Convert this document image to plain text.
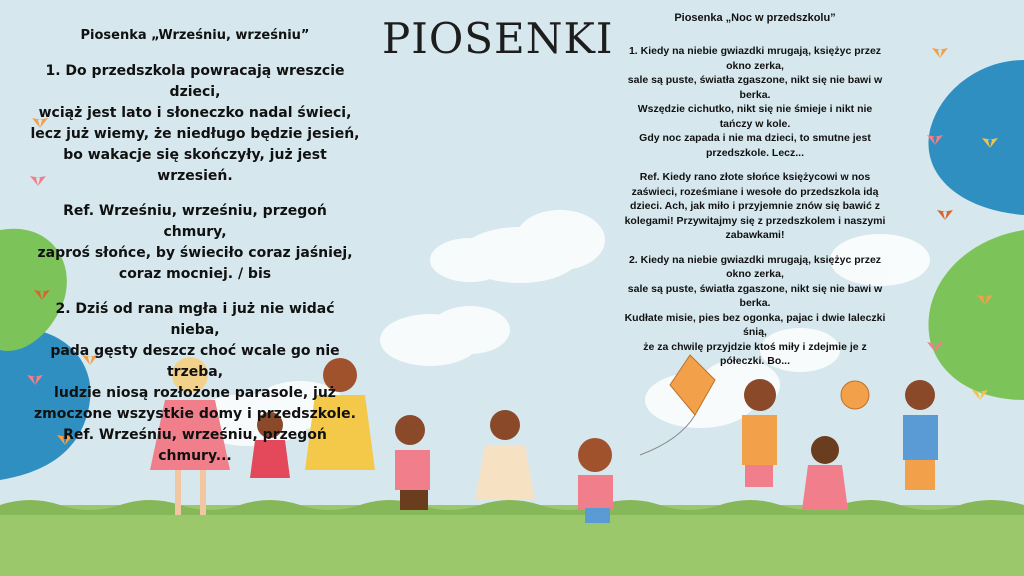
PIOSENKI
Piosenka „Wrześniu, wrześniu”
1. Do przedszkola powracają wreszcie dzieci,
wciąż jest lato i słoneczko nadal świeci,
lecz już wiemy, że niedługo będzie jesień,
bo wakacje się skończyły, już jest wrzesień.
Ref. Wrześniu, wrześniu, przegoń chmury,
zaproś słońce, by świeciło coraz jaśniej,
coraz mocniej. / bis
2. Dziś od rana mgła i już nie widać nieba,
pada gęsty deszcz choć wcale go nie trzeba,
ludzie niosą rozłożone parasole, już
zmoczone wszystkie domy i przedszkole.
Ref. Wrześniu, wrześniu, przegoń chmury...
Piosenka „Noc w przedszkolu”
1. Kiedy na niebie gwiazdki mrugają, księżyc przez
okno zerka,
sale są puste, światła zgaszone, nikt się nie bawi w
berka.
Wszędzie cichutko, nikt się nie śmieje i nikt nie
tańczy w kole.
Gdy noc zapada i nie ma dzieci, to smutne jest
przedszkole. Lecz...
Ref. Kiedy rano złote słońce księżycowi w nos
zaświeci, roześmiane i wesołe do przedszkola idą
dzieci. Ach, jak miło i przyjemnie znów się bawić z
kolegami! Przywitajmy się z przedszkolem i naszymi
zabawkami!
2. Kiedy na niebie gwiazdki mrugają, księżyc przez
okno zerka,
sale są puste, światła zgaszone, nikt się nie bawi w
berka.
Kudłate misie, pies bez ogonka, pajac i dwie laleczki
śnią,
że za chwilę przyjdzie ktoś miły i zdejmie je z
półeczki. Bo...
